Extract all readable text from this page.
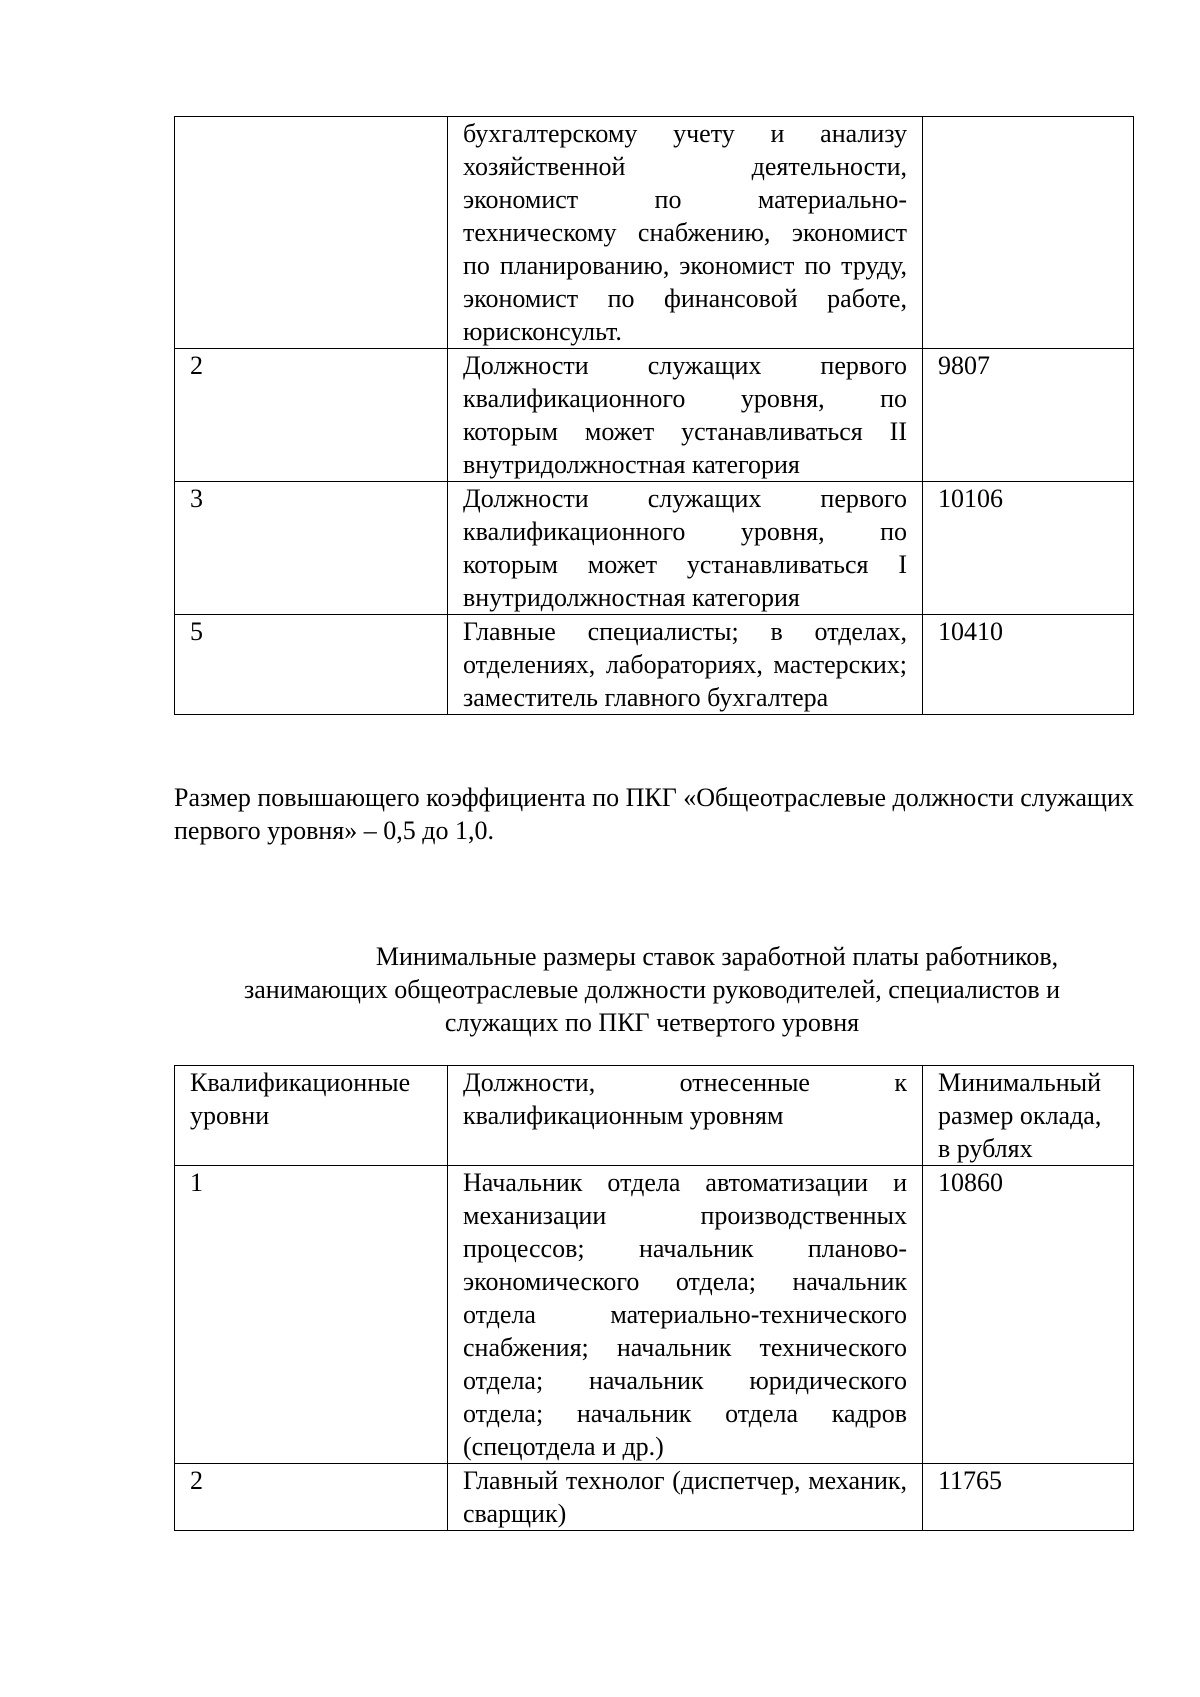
	бухгалтерскому учету и анализу хозяйственной деятельности, экономист по материально-техническому снабжению, экономист по планированию, экономист по труду, экономист по финансовой работе, юрисконсульт.	
2	Должности служащих первого квалификационного уровня, по которым может устанавливаться II внутридолжностная категория	9807
3	Должности служащих первого квалификационного уровня, по которым может устанавливаться I внутридолжностная категория	10106
5	Главные специалисты; в отделах, отделениях, лабораториях, мастерских; заместитель главного бухгалтера	10410

Размер повышающего коэффициента по ПКГ «Общеотраслевые должности служащих первого уровня» – 0,5 до 1,0.

Минимальные размеры ставок заработной платы работников,
занимающих общеотраслевые должности руководителей, специалистов и
служащих по ПКГ четвертого уровня
Квалификационные уровни	Должности, отнесенные к квалификационным уровням	Минимальный размер оклада, в рублях
1	Начальник отдела автоматизации и механизации производственных процессов; начальник планово-экономического отдела; начальник отдела материально-технического снабжения; начальник технического отдела; начальник юридического отдела; начальник отдела кадров (спецотдела и др.)	10860
2	Главный технолог (диспетчер, механик, сварщик)	11765
